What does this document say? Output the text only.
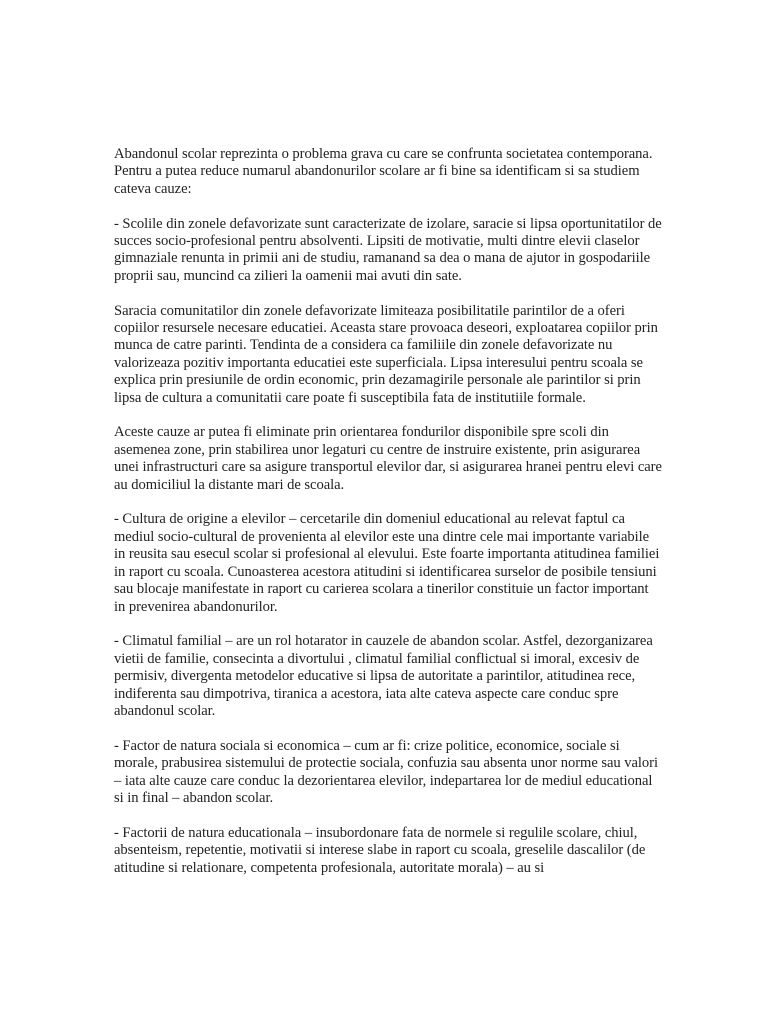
Abandonul scolar reprezinta o problema grava cu care se confrunta societatea contemporana. Pentru a putea reduce numarul abandonurilor scolare ar fi bine sa identificam si sa studiem cateva cauze:

- Scolile din zonele defavorizate sunt caracterizate de izolare, saracie si lipsa oportunitatilor de succes socio-profesional pentru absolventi. Lipsiti de motivatie, multi dintre elevii claselor gimnaziale renunta in primii ani de studiu, ramanand sa dea o mana de ajutor in gospodariile proprii sau, muncind ca zilieri la oamenii mai avuti din sate.

Saracia comunitatilor din zonele defavorizate limiteaza posibilitatile parintilor de a oferi copiilor resursele necesare educatiei. Aceasta stare provoaca deseori, exploatarea copiilor prin munca de catre parinti. Tendinta de a considera ca familiile din zonele defavorizate nu valorizeaza pozitiv importanta educatiei este superficiala. Lipsa interesului pentru scoala se explica prin presiunile de ordin economic, prin dezamagirile personale ale parintilor si prin lipsa de cultura a comunitatii care poate fi susceptibila fata de institutiile formale.

Aceste cauze ar putea fi eliminate prin orientarea fondurilor disponibile spre scoli din asemenea zone, prin stabilirea unor legaturi cu centre de instruire existente, prin asigurarea unei infrastructuri care sa asigure transportul elevilor dar, si asigurarea hranei pentru elevi care au domiciliul la distante mari de scoala.

- Cultura de origine a elevilor – cercetarile din domeniul educational au relevat faptul ca mediul socio-cultural de provenienta al elevilor este una dintre cele mai importante variabile in reusita sau esecul scolar si profesional al elevului. Este foarte importanta atitudinea familiei in raport cu scoala. Cunoasterea acestora atitudini si identificarea surselor de posibile tensiuni sau blocaje manifestate in raport cu carierea scolara a tinerilor constituie un factor important in prevenirea abandonurilor.

- Climatul familial – are un rol hotarator in cauzele de abandon scolar. Astfel, dezorganizarea vietii de familie, consecinta a divortului , climatul familial conflictual si imoral, excesiv de permisiv, divergenta metodelor educative si lipsa de autoritate a parintilor, atitudinea rece, indiferenta sau dimpotriva, tiranica a acestora, iata alte cateva aspecte care conduc spre abandonul scolar.

- Factor de natura sociala si economica – cum ar fi: crize politice, economice, sociale si morale, prabusirea sistemului de protectie sociala, confuzia sau absenta unor norme sau valori – iata alte cauze care conduc la dezorientarea elevilor, indepartarea lor de mediul educational si in final – abandon scolar.

- Factorii de natura educationala – insubordonare fata de normele si regulile scolare, chiul, absenteism, repetentie, motivatii si interese slabe in raport cu scoala, greselile dascalilor (de atitudine si relationare, competenta profesionala, autoritate morala) – au si
